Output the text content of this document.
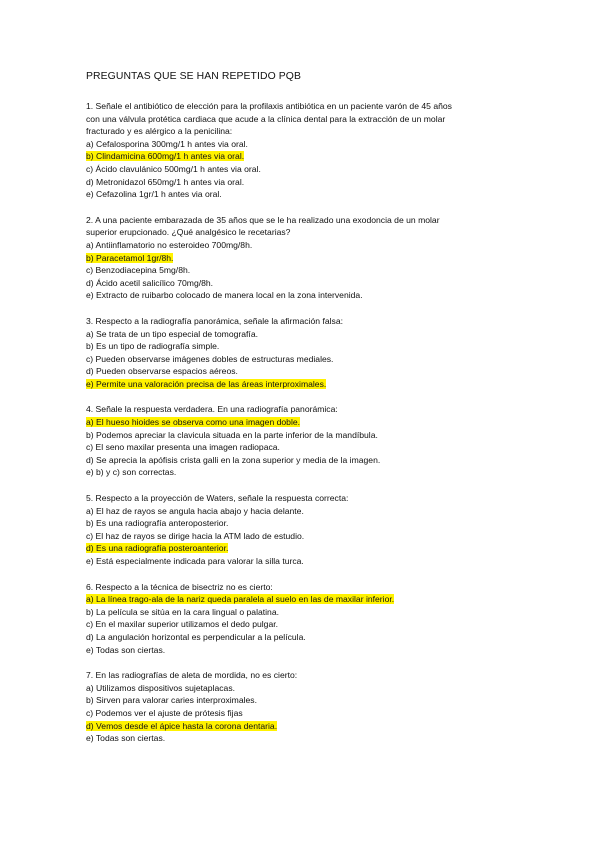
PREGUNTAS QUE SE HAN REPETIDO PQB
1. Señale el antibiótico de elección para la profilaxis antibiótica en un paciente varón de 45 años
con una válvula protética cardiaca que acude a la clínica dental para la extracción de un molar
fracturado y es alérgico a la penicilina:
a) Cefalosporina 300mg/1 h antes via oral.
b) Clindamicina 600mg/1 h antes via oral.
c) Ácido clavulánico 500mg/1 h antes via oral.
d) Metronidazol 650mg/1 h antes via oral.
e) Cefazolina 1gr/1 h antes via oral.
2. A una paciente embarazada de 35 años que se le ha realizado una exodoncia de un molar
superior erupcionado. ¿Qué analgésico le recetarias?
a) Antiinflamatorio no esteroideo 700mg/8h.
b) Paracetamol 1gr/8h.
c) Benzodiacepina 5mg/8h.
d) Ácido acetil salicílico 70mg/8h.
e) Extracto de ruibarbo colocado de manera local en la zona intervenida.
3. Respecto a la radiografía panorámica, señale la afirmación falsa:
a) Se trata de un tipo especial de tomografía.
b) Es un tipo de radiografía simple.
c) Pueden observarse imágenes dobles de estructuras mediales.
d) Pueden observarse espacios aéreos.
e) Permite una valoración precisa de las áreas interproximales.
4. Señale la respuesta verdadera. En una radiografía panorámica:
a) El hueso hioides se observa como una imagen doble.
b) Podemos apreciar la clavicula situada en la parte inferior de la mandíbula.
c) El seno maxilar presenta una imagen radiopaca.
d) Se aprecia la apófisis crista galli en la zona superior y media de la imagen.
e) b) y c) son correctas.
5. Respecto a la proyección de Waters, señale la respuesta correcta:
a) El haz de rayos se angula hacia abajo y hacia delante.
b) Es una radiografía anteroposterior.
c) El haz de rayos se dirige hacia la ATM lado de estudio.
d) Es una radiografía posteroanterior.
e) Está especialmente indicada para valorar la silla turca.
6. Respecto a la técnica de bisectriz no es cierto:
a) La línea trago-ala de la nariz queda paralela al suelo en las de maxilar inferior.
b) La película se sitúa en la cara lingual o palatina.
c) En el maxilar superior utilizamos el dedo pulgar.
d) La angulación horizontal es perpendicular a la película.
e) Todas son ciertas.
7. En las radiografías de aleta de mordida, no es cierto:
a) Utilizamos dispositivos sujetaplacas.
b) Sirven para valorar caries interproximales.
c) Podemos ver el ajuste de prótesis fijas
d) Vemos desde el ápice hasta la corona dentaria.
e) Todas son ciertas.
